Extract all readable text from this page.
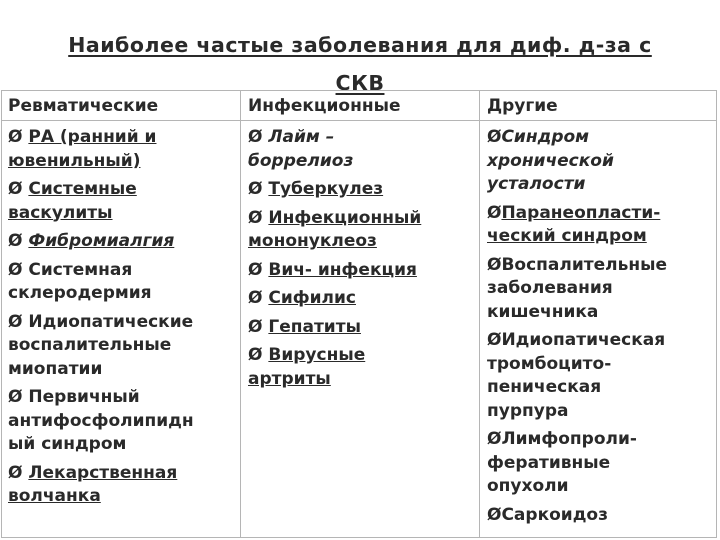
Наиболее частые заболевания для диф. д-за с
СКВ
Ревматические
Ø РА (ранний и
ювенильный)
Ø Системные
васкулиты
Ø Фибромиалгия
Ø Системная
склеродермия
Ø Идиопатические
воспалительные
миопатии
Ø Первичный
антифосфолипидн
ый синдром
Ø Лекарственная
волчанка
Инфекционные
Ø Лайм –
боррелиоз
Ø Туберкулез
Ø Инфекционный
мононуклеоз
Ø Вич- инфекция
Ø Сифилис
Ø Гепатиты
Ø Вирусные
артриты
Другие
ØСиндром
хронической
усталости
ØПаранеопласти-
ческий синдром
ØВоспалительные
заболевания
кишечника
ØИдиопатическая
тромбоцито-
пеническая
пурпура
ØЛимфопроли-
феративные
опухоли
ØСаркоидоз
